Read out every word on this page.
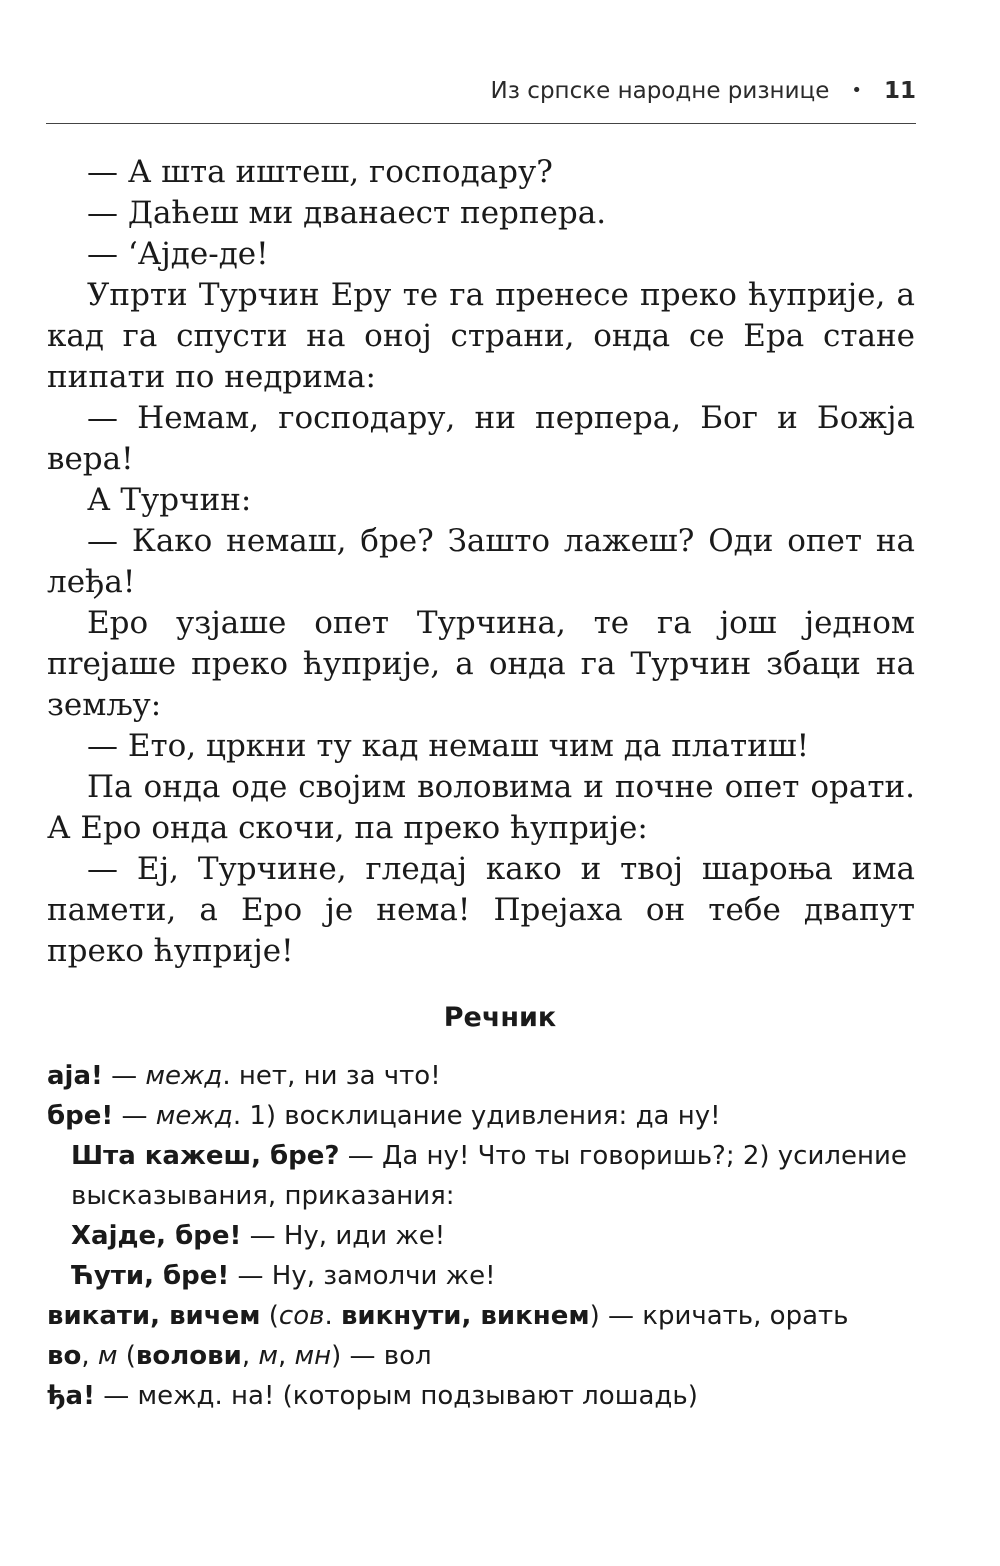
Из српске народне ризнице • 11

— А шта иштеш, господару?

— Даћеш ми дванаест перпера.

— ‘Ајде-де!

Упрти Турчин Еру те га пренесе преко ћуприје, а кад га спусти на оној страни, онда се Ера стане пипати по недрима:

— Немам, господару, ни перпера, Бог и Божја вера!

А Турчин:

— Како немаш, бре? Зашто лажеш? Оди опет на леђа!

Еро узјаше опет Турчина, те га још једном пrејаше преко ћуприје, а онда га Турчин збаци на земљу:

— Ето, цркни ту кад немаш чим да платиш!

Па онда оде својим воловима и почне опет орати. А Еро онда скочи, па преко ћуприје:

— Еј, Турчине, гледај како и твој шароња има памети, а Еро је нема! Прејаха он тебе двапут преко ћуприје!

Речник

аја! — межд. нет, ни за что!

бре! — межд. 1) восклицание удивления: да ну!

Шта кажеш, бре? — Да ну! Что ты говоришь?; 2) усиление высказывания, приказания:

Хајде, бре! — Ну, иди же!

Ћути, бре! — Ну, замолчи же!

викати, вичем (сов. викнути, викнем) — кричать, орать

во, м (волови, м, мн) — вол

ђа! — межд. на! (которым подзывают лошадь)
